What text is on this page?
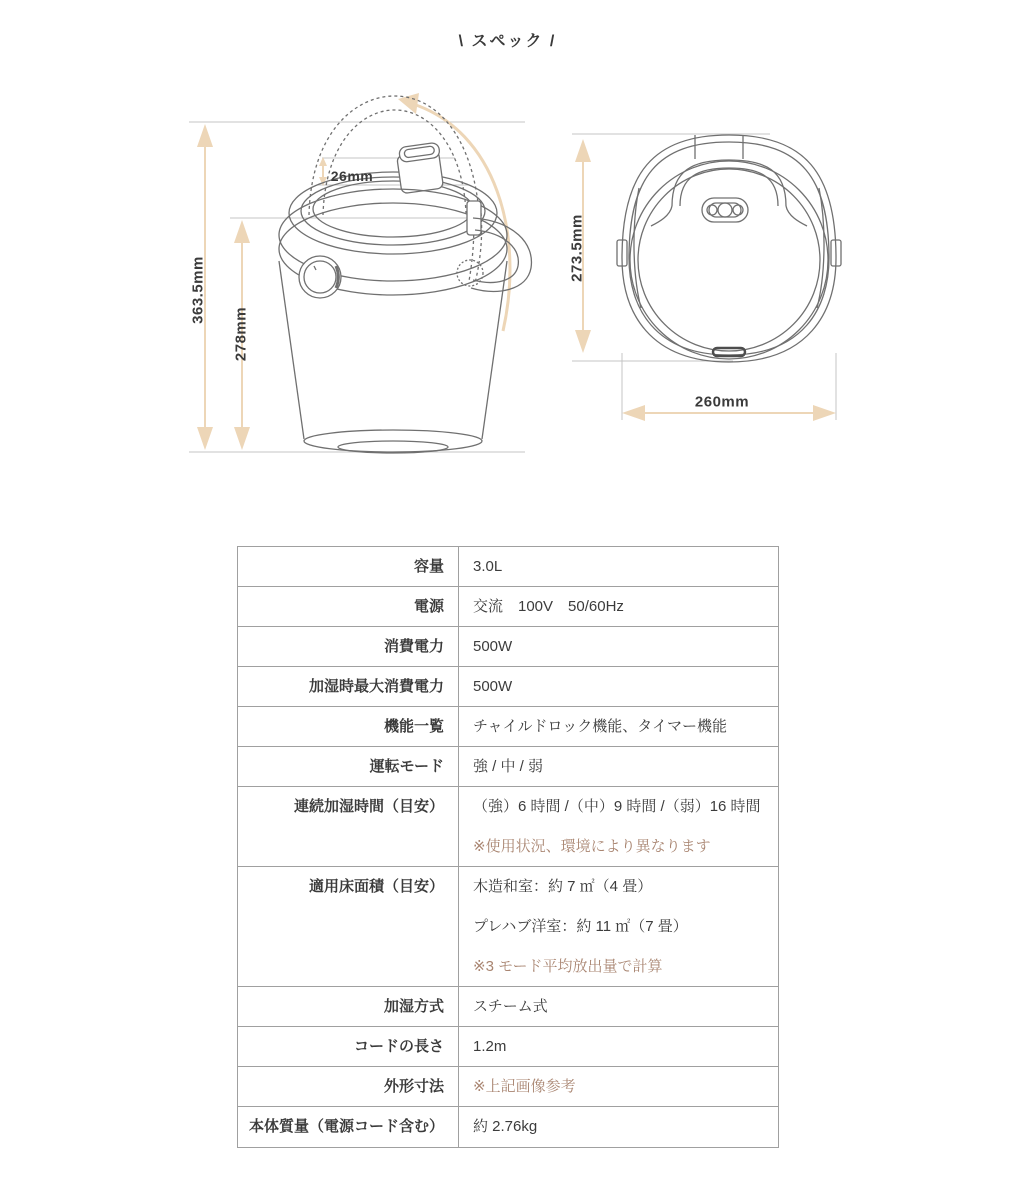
\ スペック /
363.5mm
278mm
26mm
273.5mm
260mm
容量	3.0L
電源	交流　100V　50/60Hz
消費電力	500W
加湿時最大消費電力	500W
機能一覧	チャイルドロック機能、タイマー機能
運転モード	強 / 中 / 弱
連続加湿時間（目安）	（強）6 時間 /（中）9 時間 /（弱）16 時間
※使用状況、環境により異なります
適用床面積（目安）	木造和室：約 7 ㎡（4 畳）
プレハブ洋室：約 11 ㎡（7 畳）
※3 モード平均放出量で計算
加湿方式	スチーム式
コードの長さ	1.2m
外形寸法	※上記画像参考
本体質量（電源コード含む）	約 2.76kg
